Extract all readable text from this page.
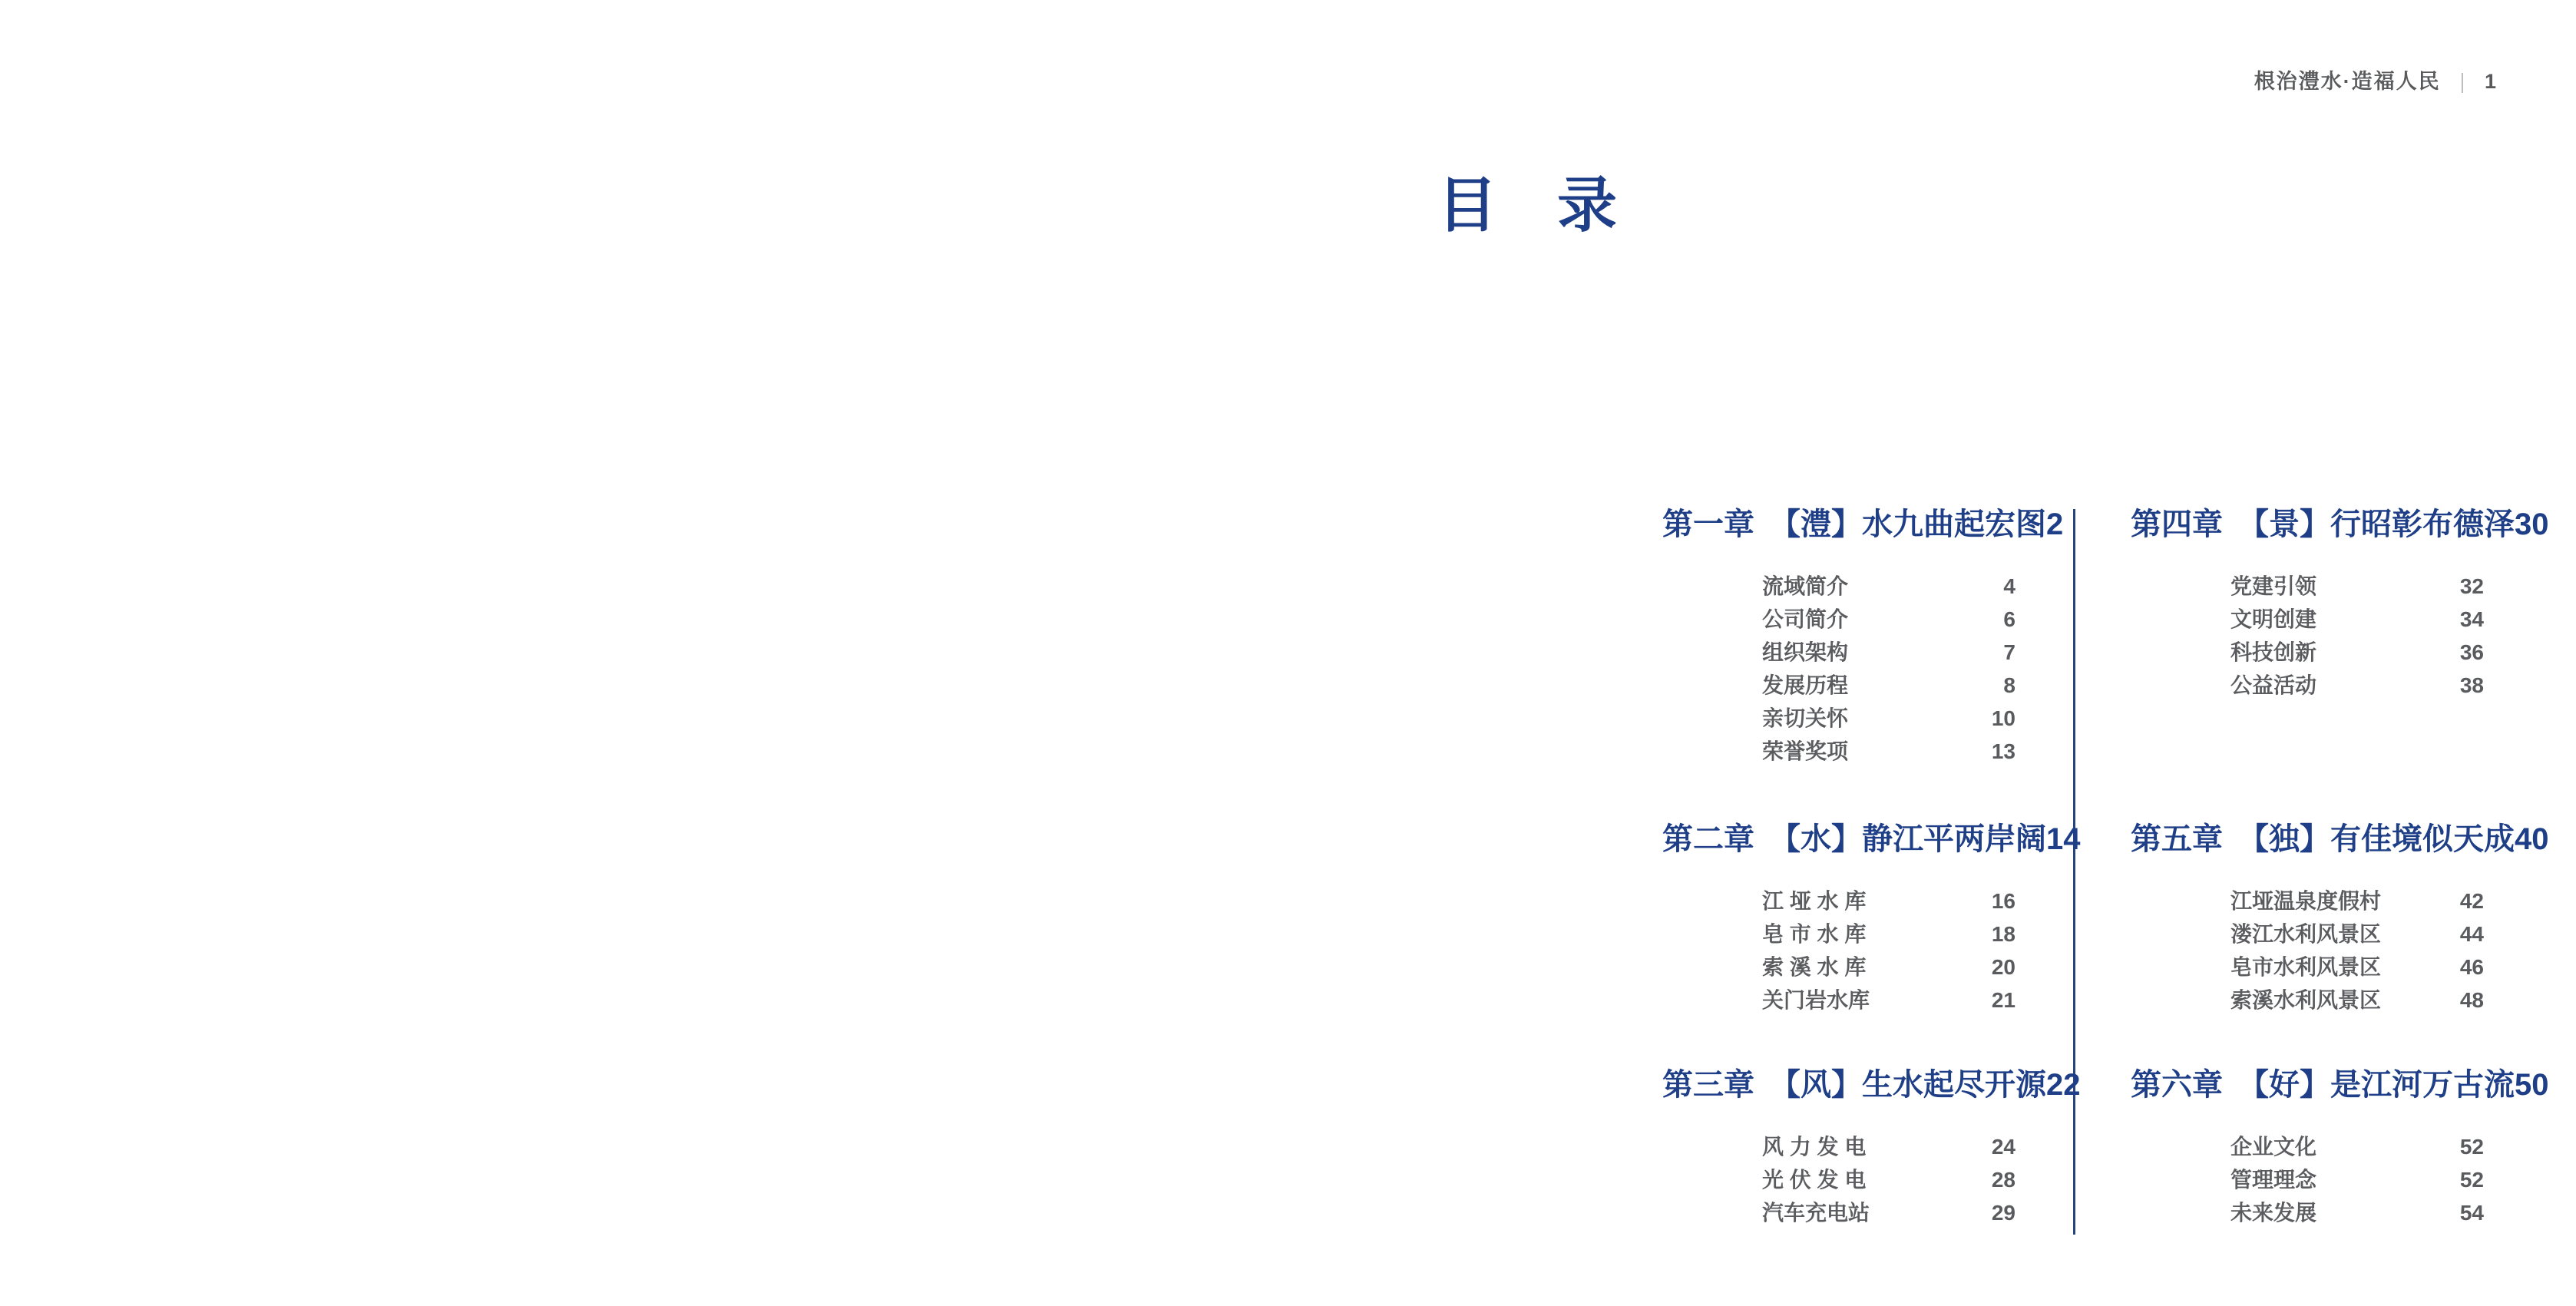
根治澧水·造福人民 | 1
目　录
第一章 【澧】水九曲起宏图 2
流域简介	4
公司简介	6
组织架构	7
发展历程	8
亲切关怀	10
荣誉奖项	13
第二章 【水】静江平两岸阔 14
江 垭 水 库	16
皂 市 水 库	18
索 溪 水 库	20
关门岩水库	21
第三章 【风】生水起尽开源 22
风 力 发 电	24
光 伏 发 电	28
汽车充电站	29
第四章 【景】行昭彰布德泽 30
党建引领	32
文明创建	34
科技创新	36
公益活动	38
第五章 【独】有佳境似天成 40
江垭温泉度假村	42
溇江水利风景区	44
皂市水利风景区	46
索溪水利风景区	48
第六章 【好】是江河万古流 50
企业文化	52
管理理念	52
未来发展	54
